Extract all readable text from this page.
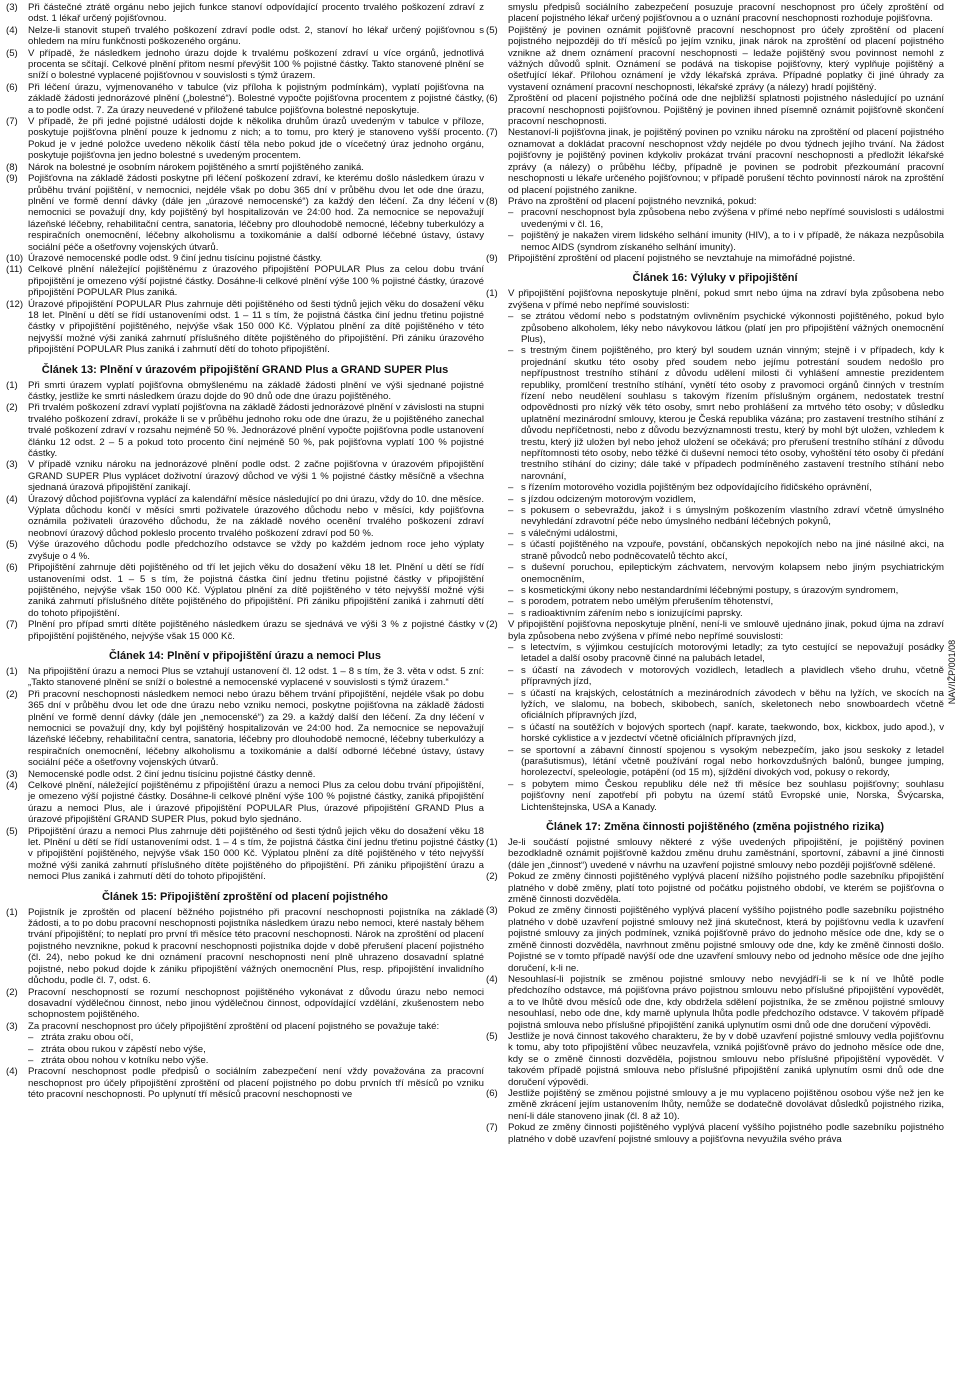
(3)	Při částečné ztrátě orgánu nebo jejich funkce stanoví odpovídající procento trvalého poškození zdraví z odst. 1 lékař určený pojišťovnou.
(4)	Nelze-li stanovit stupeň trvalého poškození zdraví podle odst. 2, stanoví ho lékař určený pojišťovnou s ohledem na míru funkčnosti poškozeného orgánu.
(5)	V případě, že následkem jednoho úrazu dojde k trvalému poškození zdraví u více orgánů, jednotlivá procenta se sčítají. Celkové plnění přitom nesmí převýšit 100 % pojistné částky. Takto stanovené plnění se sníží o bolestné vyplacené pojišťovnou v souvislosti s týmž úrazem.
(6)	Při léčení úrazu, vyjmenovaného v tabulce (viz příloha k pojistným podmínkám), vyplatí pojišťovna na základě žádosti jednorázové plnění („bolestné“). Bolestné vypočte pojišťovna procentem z pojistné částky, a to podle odst. 7. Za úrazy neuvedené v přiložené tabulce pojišťovna bolestné neposkytuje.
(7)	V případě, že při jedné pojistné události dojde k několika druhům úrazů uvedeným v tabulce v příloze, poskytuje pojišťovna plnění pouze k jednomu z nich; a to tomu, pro který je stanoveno vyšší procento. Pokud je v jedné položce uvedeno několik částí těla nebo pokud jde o vícečetný úraz jednoho orgánu, poskytuje pojišťovna jen jedno bolestné s uvedeným procentem.
(8)	Nárok na bolestné je osobním nárokem pojištěného a smrtí pojištěného zaniká.
(9)	Pojišťovna na základě žádosti poskytne při léčení poškození zdraví, ke kterému došlo následkem úrazu v průběhu trvání pojištění, v nemocnici, nejdéle však po dobu 365 dní v průběhu dvou let ode dne úrazu, plnění ve formě denní dávky (dále jen „úrazové nemocenské“) za každý den léčení. Za dny léčení v nemocnici se považují dny, kdy pojištěný byl hospitalizován ve 24:00 hod. Za nemocnice se nepovažují lázeňské léčebny, rehabilitační centra, sanatoria, léčebny pro dlouhodobě nemocné, léčebny tuberkulózy a respiračních onemocnění, léčebny alkoholismu a toxikománie a další odborné léčebné ústavy, ústavy sociální péče a ošetřovny vojenských útvarů.
(10) Úrazové nemocenské podle odst. 9 činí jednu tisícinu pojistné částky.
(11) Celkové plnění náležející pojištěnému z úrazového připojištění POPULAR Plus za celou dobu trvání připojištění je omezeno výší pojistné částky. Dosáhne-li celkové plnění výše 100 % pojistné částky, úrazové připojištění POPULAR Plus zaniká.
(12) Úrazové připojištění POPULAR Plus zahrnuje děti pojištěného od šesti týdnů jejich věku do dosažení věku 18 let. Plnění u dětí se řídí ustanoveními odst. 1 – 11 s tím, že pojistná částka činí jednu třetinu pojistné částky v připojištění pojištěného, nejvýše však 150 000 Kč. Výplatou plnění za dítě pojištěného v této nejvyšší možné výši zaniká zahrnutí příslušného dítěte pojištěného do připojištění. Při zániku úrazového připojištění POPULAR Plus zaniká i zahrnutí dětí do tohoto připojištění.
Článek 13: Plnění v úrazovém připojištění GRAND Plus a GRAND SUPER Plus
(1)	Při smrti úrazem vyplatí pojišťovna obmyšlenému na základě žádosti plnění ve výši sjednané pojistné částky, jestliže ke smrti následkem úrazu dojde do 90 dnů ode dne úrazu pojištěného.
(2)	Při trvalém poškození zdraví vyplatí pojišťovna na základě žádosti jednorázové plnění v závislosti na stupni trvalého poškození zdraví, prokáže li se v průběhu jednoho roku ode dne úrazu, že u pojištěného zanechal trvalé poškození zdraví v rozsahu nejméně 50 %. Jednorázové plnění vypočte pojišťovna podle ustanovení článku 12 odst. 2 – 5 a pokud toto procento činí nejméně 50 %, pak pojišťovna vyplatí 100 % pojistné částky.
(3)	V případě vzniku nároku na jednorázové plnění podle odst. 2 začne pojišťovna v úrazovém připojištění GRAND SUPER Plus vyplácet doživotní úrazový důchod ve výši 1 % pojistné částky měsíčně a všechna sjednaná úrazová připojištění zanikají.
(4)	Úrazový důchod pojišťovna vyplácí za kalendářní měsíce následující po dni úrazu, vždy do 10. dne měsíce. Výplata důchodu končí v měsíci smrti poživatele úrazového důchodu nebo v měsíci, kdy pojišťovna oznámila poživateli úrazového důchodu, že na základě nového ocenění trvalého poškození zdraví neobnoví úrazový důchod pokleslo procento trvalého poškození zdraví pod 50 %.
(5)	Výše úrazového důchodu podle předchozího odstavce se vždy po každém jednom roce jeho výplaty zvyšuje o 4 %.
(6)	Připojištění zahrnuje děti pojištěného od tří let jejich věku do dosažení věku 18 let. Plnění u dětí se řídí ustanoveními odst. 1 – 5 s tím, že pojistná částka činí jednu třetinu pojistné částky v připojištění pojištěného, nejvýše však 150 000 Kč. Výplatou plnění za dítě pojištěného v této nejvyšší možné výši zaniká zahrnutí příslušného dítěte pojištěného do připojištění. Při zániku připojištění zaniká i zahrnutí dětí do tohoto připojištění.
(7)	Plnění pro případ smrti dítěte pojištěného následkem úrazu se sjednává ve výši 3 % z pojistné částky v připojištění pojištěného, nejvýše však 15 000 Kč.
Článek 14: Plnění v připojištění úrazu a nemoci Plus
(1)	Na připojištění úrazu a nemoci Plus se vztahují ustanovení čl. 12 odst. 1 – 8 s tím, že 3. věta v odst. 5 zní: „Takto stanovené plnění se sníží o bolestné a nemocenské vyplacené v souvislosti s týmž úrazem.“
(2)	Při pracovní neschopnosti následkem nemoci nebo úrazu během trvání připojištění, nejdéle však po dobu 365 dní v průběhu dvou let ode dne úrazu nebo vzniku nemoci, poskytne pojišťovna na základě žádosti plnění ve formě denní dávky (dále jen „nemocenské“) za 29. a každý další den léčení. Za dny léčení v nemocnici se považují dny, kdy byl pojištěný hospitalizován ve 24:00 hod. Za nemocnice se nepovažují lázeňské léčebny, rehabilitační centra, sanatoria, léčebny pro dlouhodobě nemocné, léčebny tuberkulózy a respiračních onemocnění, léčebny alkoholismu a toxikománie a další odborné léčebné ústavy, ústavy sociální péče a ošetřovny vojenských útvarů.
(3)	Nemocenské podle odst. 2 činí jednu tisícinu pojistné částky denně.
(4)	Celkové plnění, náležející pojištěnému z připojištění úrazu a nemoci Plus za celou dobu trvání připojištění, je omezeno výší pojistné částky. Dosáhne-li celkové plnění výše 100 % pojistné částky, zaniká připojištění úrazu a nemoci Plus, ale i úrazové připojištění POPULAR Plus, úrazové připojištění GRAND Plus a úrazové připojištění GRAND SUPER Plus, pokud bylo sjednáno.
(5)	Připojištění úrazu a nemoci Plus zahrnuje děti pojištěného od šesti týdnů jejich věku do dosažení věku 18 let. Plnění u dětí se řídí ustanoveními odst. 1 – 4 s tím, že pojistná částka činí jednu třetinu pojistné částky v připojištění pojištěného, nejvýše však 150 000 Kč. Výplatou plnění za dítě pojištěného v této nejvyšší možné výši zaniká zahrnutí příslušného dítěte pojištěného do připojištění. Při zániku připojištění úrazu a nemoci Plus zaniká i zahrnutí dětí do tohoto připojištění.
Článek 15: Připojištění zproštění od placení pojistného
(1)	Pojistník je zproštěn od placení běžného pojistného při pracovní neschopnosti pojistníka na základě žádosti, a to po dobu pracovní neschopnosti pojistníka následkem úrazu nebo nemoci, které nastaly během trvání připojištění; to neplatí pro první tři měsíce této pracovní neschopnosti. Nárok na zproštění od placení pojistného nevznikne, pokud k pracovní neschopnosti pojistníka dojde v době přerušení placení pojistného (čl. 24), nebo pokud ke dni oznámení pracovní neschopnosti není plně uhrazeno dosavadní splatné pojistné, nebo pokud dojde k zániku připojištění vážných onemocnění Plus, resp. připojištění invalidního důchodu, podle čl. 7, odst. 6.
(2)	Pracovní neschopností se rozumí neschopnost pojištěného vykonávat z důvodu úrazu nebo nemoci dosavadní výdělečnou činnost, nebo jinou výdělečnou činnost, odpovídající vzdělání, zkušenostem nebo schopnostem pojištěného.
(3)	Za pracovní neschopnost pro účely připojištění zproštění od placení pojistného se považuje také:
– ztráta zraku obou očí,
– ztráta obou rukou v zápěstí nebo výše,
– ztráta obou nohou v kotníku nebo výše.
(4)	Pracovní neschopnost podle předpisů o sociálním zabezpečení není vždy považována za pracovní neschopnost pro účely připojištění zproštění od placení pojistného po dobu prvních tří měsíců po vzniku této pracovní neschopnosti. Po uplynutí tří měsíců pracovní neschopnosti ve
smyslu předpisů sociálního zabezpečení posuzuje pracovní neschopnost pro účely zproštění od placení pojistného lékař určený pojišťovnou a o uznání pracovní neschopnosti rozhoduje pojišťovna.
(5)	Pojištěný je povinen oznámit pojišťovně pracovní neschopnost pro účely zproštění od placení pojistného nejpozději do tří měsíců po jejím vzniku, jinak nárok na zproštění od placení pojistného vznikne až dnem oznámení pracovní neschopnosti – ledaže pojištěný svou povinnost nemohl z vážných důvodů splnit. Oznámení se podává na tiskopise pojišťovny, který vyplňuje pojištěný a ošetřující lékař. Přílohou oznámení je vždy lékařská zpráva. Případné poplatky či jiné úhrady za vystavení oznámení pracovní neschopnosti, lékařské zprávy (a nálezy) hradí pojištěný.
(6)	Zproštění od placení pojistného počíná ode dne nejbližší splatnosti pojistného následující po uznání pracovní neschopnosti pojišťovnou. Pojištěný je povinen ihned písemně oznámit pojišťovně skončení pracovní neschopnosti.
(7)	Nestanoví-li pojišťovna jinak, je pojištěný povinen po vzniku nároku na zproštění od placení pojistného oznamovat a dokládat pracovní neschopnost vždy nejdéle po dvou týdnech jejího trvání. Na žádost pojišťovny je pojištěný povinen kdykoliv prokázat trvání pracovní neschopnosti a předložit lékařské zprávy (a nálezy) o průběhu léčby, případně je povinen se podrobit přezkoumání pracovní neschopnosti u lékaře určeného pojišťovnou; v případě porušení těchto povinností nárok na zproštění od placení pojistného zanikne.
(8)	Právo na zproštění od placení pojistného nevzniká, pokud:
– pracovní neschopnost byla způsobena nebo zvýšena v přímé nebo nepřímé souvislosti s událostmi uvedenými v čl. 16,
– pojištěný je nakažen virem lidského selhání imunity (HIV), a to i v případě, že nákaza nezpůsobila nemoc AIDS (syndrom získaného selhání imunity).
(9)	Připojištění zproštění od placení pojistného se nevztahuje na mimořádné pojistné.
Článek 16: Výluky v připojištění
(1)	V připojištění pojišťovna neposkytuje plnění, pokud smrt nebo újma na zdraví byla způsobena nebo zvýšena v přímé nebo nepřímé souvislosti:
– se ztrátou vědomí nebo s podstatným ovlivněním psychické výkonnosti pojištěného, pokud bylo způsobeno alkoholem, léky nebo návykovou látkou (platí jen pro připojištění vážných onemocnění Plus),
– s trestným činem pojištěného, pro který byl soudem uznán vinným; stejně i v případech, kdy k projednání skutku této osoby před soudem nebo jejímu potrestání soudem nedošlo pro nepřípustnost trestního stíhání z důvodu udělení milosti či vyhlášení amnestie prezidentem republiky, promlčení trestního stíhání, vynětí této osoby z pravomoci orgánů činných v trestním řízení nebo neudělení souhlasu s takovým řízením příslušným orgánem, nedostatek trestní odpovědnosti pro nízký věk této osoby, smrt nebo prohlášení za mrtvého této osoby; v důsledku uplatnění mezinárodní smlouvy, kterou je Česká republika vázána; pro zastavení trestního stíhání z důvodu nepříčetnosti, nebo z důvodu bezvýznamnosti trestu, který by mohl být uložen, vzhledem k trestu, který již uložen byl nebo jehož uložení se očekává; pro přerušení trestního stíhání z důvodu nepřítomnosti této osoby, nebo těžké či duševní nemoci této osoby, vyhoštění této osoby či předání trestního stíhání do ciziny; dále také v případech podmíněného zastavení trestního stíhání nebo narovnání,
– s řízením motorového vozidla pojištěným bez odpovídajícího řidičského oprávnění,
– s jízdou odcizeným motorovým vozidlem,
– s pokusem o sebevraždu, jakož i s úmyslným poškozením vlastního zdraví včetně úmyslného nevyhledání zdravotní péče nebo úmyslného nedbání léčebných pokynů,
– s válečnými událostmi,
– s účastí pojištěného na vzpouře, povstání, občanských nepokojích nebo na jiné násilné akci, na straně původců nebo podněcovatelů těchto akcí,
– s duševní poruchou, epileptickým záchvatem, nervovým kolapsem nebo jiným psychiatrickým onemocněním,
– s kosmetickými úkony nebo nestandardními léčebnými postupy, s úrazovým syndromem,
– s porodem, potratem nebo umělým přerušením těhotenství,
– s radioaktivním zářením nebo s ionizujícími paprsky.
(2)	V připojištění pojišťovna neposkytuje plnění, není-li ve smlouvě ujednáno jinak, pokud újma na zdraví byla způsobena nebo zvýšena v přímé nebo nepřímé souvislosti:
– s letectvím, s výjimkou cestujících motorovými letadly; za tyto cestující se nepovažují posádky letadel a další osoby pracovně činné na palubách letadel,
– s účastí na závodech v motorových vozidlech, letadlech a plavidlech všeho druhu, včetně přípravných jízd,
– s účastí na krajských, celostátních a mezinárodních závodech v běhu na lyžích, ve skocích na lyžích, ve slalomu, na bobech, skibobech, saních, skeletonech nebo snowboardech včetně oficiálních přípravných jízd,
– s účastí na soutěžích v bojových sportech (např. karate, taekwondo, box, kickbox, judo apod.), v horské cyklistice a v jezdectví včetně oficiálních přípravných jízd,
– se sportovní a zábavní činností spojenou s vysokým nebezpečím, jako jsou seskoky z letadel (parašutismus), létání včetně používání rogal nebo horkovzdušných balónů, bungee jumping, horolezectví, speleologie, potápění (od 15 m), sjíždění divokých vod, pokusy o rekordy,
– s pobytem mimo Českou republiku déle než tři měsíce bez souhlasu pojišťovny; souhlasu pojišťovny není zapotřebí při pobytu na území států Evropské unie, Norska, Švýcarska, Lichtenštejnska, USA a Kanady.
Článek 17: Změna činnosti pojištěného (změna pojistného rizika)
(1)	Je-li součástí pojistné smlouvy některé z výše uvedených připojištění, je pojištěný povinen bezodkladně oznámit pojišťovně každou změnu druhu zaměstnání, sportovní, zábavní a jiné činnosti (dále jen „činnost“) uvedené v návrhu na uzavření pojistné smlouvy nebo později pojišťovně sdělené.
(2)	Pokud ze změny činnosti pojištěného vyplývá placení nižšího pojistného podle sazebníku připojištění platného v době změny, platí toto pojistné od počátku pojistného období, ve kterém se pojišťovna o změně činnosti dozvěděla.
(3)	Pokud ze změny činnosti pojištěného vyplývá placení vyššího pojistného podle sazebníku pojistného platného v době uzavření pojistné smlouvy než jiná skutečnost, která by pojišťovnu vedla k uzavření pojistné smlouvy za jiných podmínek, vzniká pojišťovně právo do jednoho měsíce ode dne, kdy se o změně činnosti dozvěděla, navrhnout změnu pojistné smlouvy ode dne, kdy ke změně činnosti došlo. Pojistné se v tomto případě navýší ode dne uzavření smlouvy nebo od jednoho měsíce ode dne jejího doručení, k-li ne.
(4)	Nesouhlasí-li pojistník se změnou pojistné smlouvy nebo nevyjádří-li se k ní ve lhůtě podle předchozího odstavce, má pojišťovna právo pojistnou smlouvu nebo příslušné připojištění vypovědět, a to ve lhůtě dvou měsíců ode dne, kdy obdržela sdělení pojistníka, že se změnou pojistné smlouvy nesouhlasí, nebo ode dne, kdy marně uplynula lhůta podle předchozího odstavce. V takovém případě pojistná smlouva nebo příslušné připojištění zaniká uplynutím osmi dnů ode dne doručení výpovědi.
(5)	Jestliže je nová činnost takového charakteru, že by v době uzavření pojistné smlouvy vedla pojišťovnu k tomu, aby toto připojištění vůbec neuzavřela, vzniká pojišťovně právo do jednoho měsíce ode dne, kdy se o změně činnosti dozvěděla, pojistnou smlouvu nebo příslušné připojištění vypovědět. V takovém případě pojistná smlouva nebo příslušné připojištění zaniká uplynutím osmi dnů ode dne doručení výpovědi.
(6)	Jestliže pojištěný se změnou pojistné smlouvy a je mu vyplaceno pojištěnou osobou výše než jen ke změně zkrácení jejím ustanovením lhůty, nemůže se dodatečně dovolávat důsledků pojistného rizika, není-li dále stanoveno jinak (čl. 8 až 10).
(7)	Pokud ze změny činnosti pojištěného vyplývá placení vyššího pojistného podle sazebníku pojistného platného v době uzavření pojistné smlouvy a pojišťovna nevyužila svého práva
NAV/IŽP/001/08
